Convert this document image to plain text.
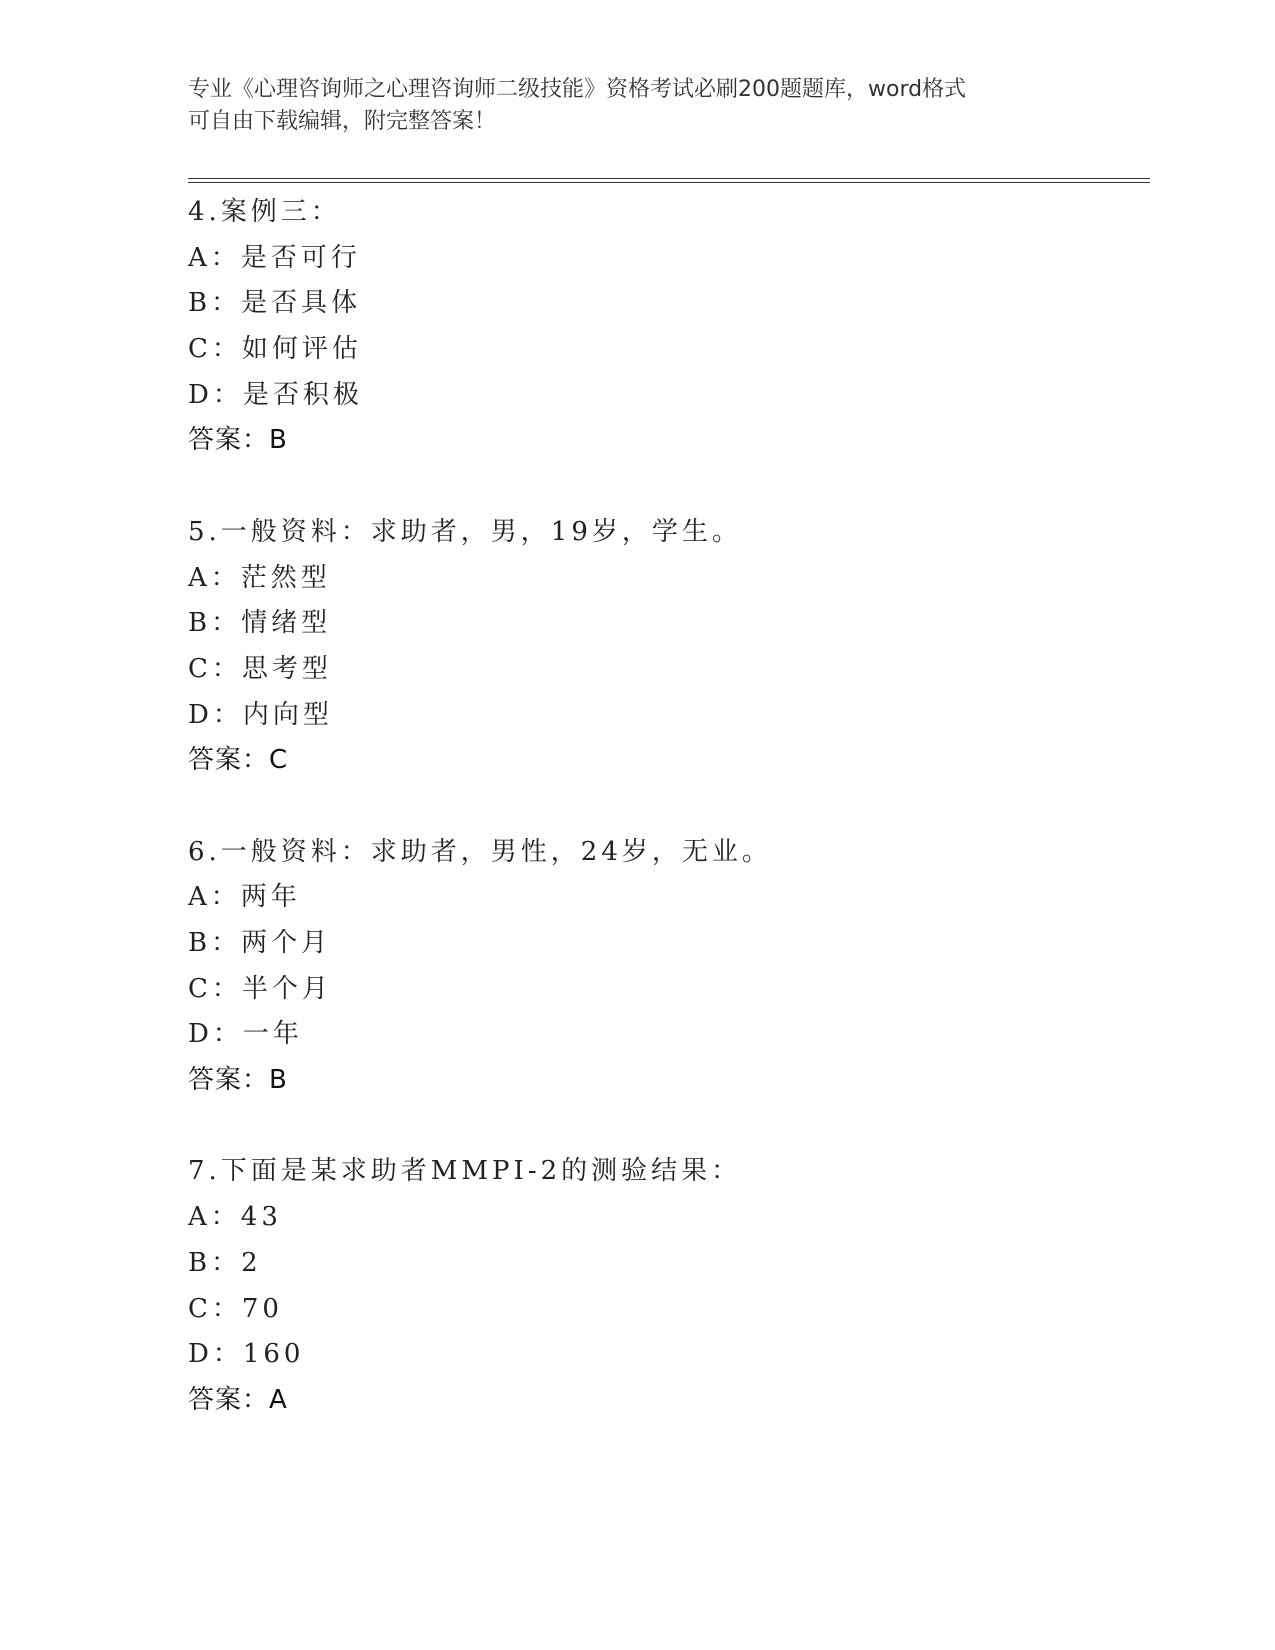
专业《心理咨询师之心理咨询师二级技能》资格考试必刷200题题库，word格式
可自由下载编辑，附完整答案！
4.案例三：
A：是否可行
B：是否具体
C：如何评估
D：是否积极
答案：B
5.一般资料：求助者，男，19岁，学生。
A：茫然型
B：情绪型
C：思考型
D：内向型
答案：C
6.一般资料：求助者，男性，24岁，无业。
A：两年
B：两个月
C：半个月
D：一年
答案：B
7.下面是某求助者MMPI-2的测验结果：
A：43
B：2
C：70
D：160
答案：A
